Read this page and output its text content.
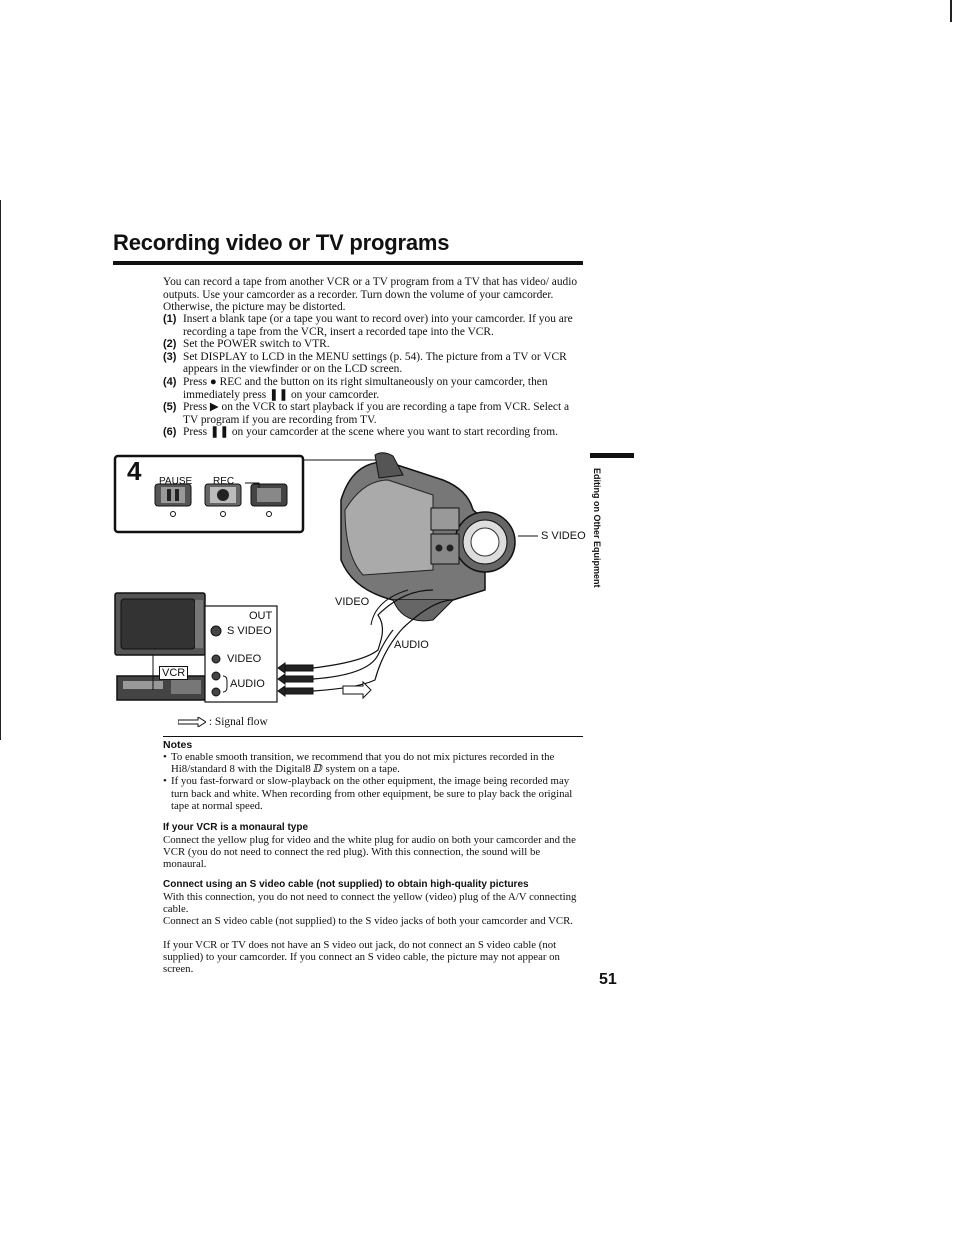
Recording video or TV programs
You can record a tape from another VCR or a TV program from a TV that has video/ audio outputs. Use your camcorder as a recorder. Turn down the volume of your camcorder. Otherwise, the picture may be distorted.
(1) Insert a blank tape (or a tape you want to record over) into your camcorder. If you are recording a tape from the VCR, insert a recorded tape into the VCR.
(2) Set the POWER switch to VTR.
(3) Set DISPLAY to LCD in the MENU settings (p. 54). The picture from a TV or VCR appears in the viewfinder or on the LCD screen.
(4) Press ● REC and the button on its right simultaneously on your camcorder, then immediately press ❚❚ on your camcorder.
(5) Press ▶ on the VCR to start playback if you are recording a tape from VCR. Select a TV program if you are recording from TV.
(6) Press ❚❚ on your camcorder at the scene where you want to start recording from.
4 PAUSE REC
S VIDEO
VIDEO
AUDIO
OUT
S VIDEO
VIDEO
AUDIO
VCR
: Signal flow
Notes
• To enable smooth transition, we recommend that you do not mix pictures recorded in the Hi8/standard 8 with the Digital8 ⅅ system on a tape.
• If you fast-forward or slow-playback on the other equipment, the image being recorded may turn back and white. When recording from other equipment, be sure to play back the original tape at normal speed.
If your VCR is a monaural type
Connect the yellow plug for video and the white plug for audio on both your camcorder and the VCR (you do not need to connect the red plug). With this connection, the sound will be monaural.
Connect using an S video cable (not supplied) to obtain high-quality pictures
With this connection, you do not need to connect the yellow (video) plug of the A/V connecting cable.
Connect an S video cable (not supplied) to the S video jacks of both your camcorder and VCR.
If your VCR or TV does not have an S video out jack, do not connect an S video cable (not supplied) to your camcorder. If you connect an S video cable, the picture may not appear on screen.
Editing on Other Equipment
51
